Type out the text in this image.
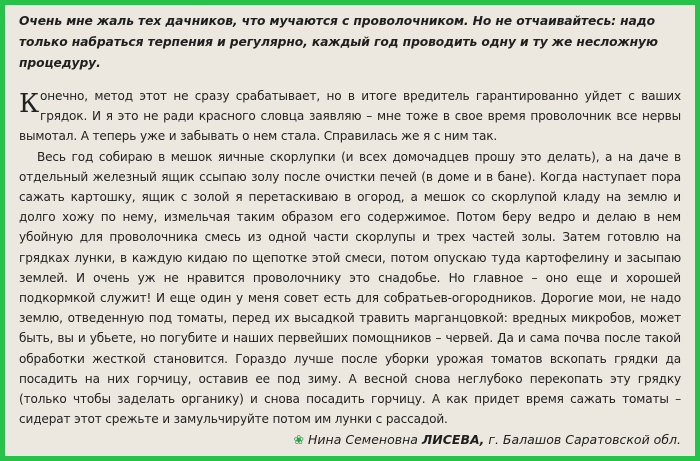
Очень мне жаль тех дачников, что мучаются с проволочником. Но не отчаивайтесь: надо только набраться терпения и регулярно, каждый год проводить одну и ту же несложную процедуру.

Конечно, метод этот не сразу срабатывает, но в итоге вредитель гарантированно уйдет с ваших грядок. И я это не ради красного словца заявляю – мне тоже в свое время проволочник все нервы вымотал. А теперь уже и забывать о нем стала. Справилась же я с ним так.

Весь год собираю в мешок яичные скорлупки (и всех домочадцев прошу это делать), а на даче в отдельный железный ящик ссыпаю золу после очистки печей (в доме и в бане). Когда наступает пора сажать картошку, ящик с золой я перетаскиваю в огород, а мешок со скорлупой кладу на землю и долго хожу по нему, измельчая таким образом его содержимое. Потом беру ведро и делаю в нем убойную для проволочника смесь из одной части скорлупы и трех частей золы. Затем готовлю на грядках лунки, в каждую кидаю по щепотке этой смеси, потом опускаю туда картофелину и засыпаю землей. И очень уж не нравится проволочнику это снадобье. Но главное – оно еще и хорошей подкормкой служит! И еще один у меня совет есть для собратьев-огородников. Дорогие мои, не надо землю, отведенную под томаты, перед их высадкой травить марганцовкой: вредных микробов, может быть, вы и убьете, но погубите и наших первейших помощников – червей. Да и сама почва после такой обработки жесткой становится. Гораздо лучше после уборки урожая томатов вскопать грядки да посадить на них горчицу, оставив ее под зиму. А весной снова неглубоко перекопать эту грядку (только чтобы заделать органику) и снова посадить горчицу. А как придет время сажать томаты – сидерат этот срежьте и замульчируйте потом им лунки с рассадой.

❀ Нина Семеновна ЛИСЕВА, г. Балашов Саратовской обл.
